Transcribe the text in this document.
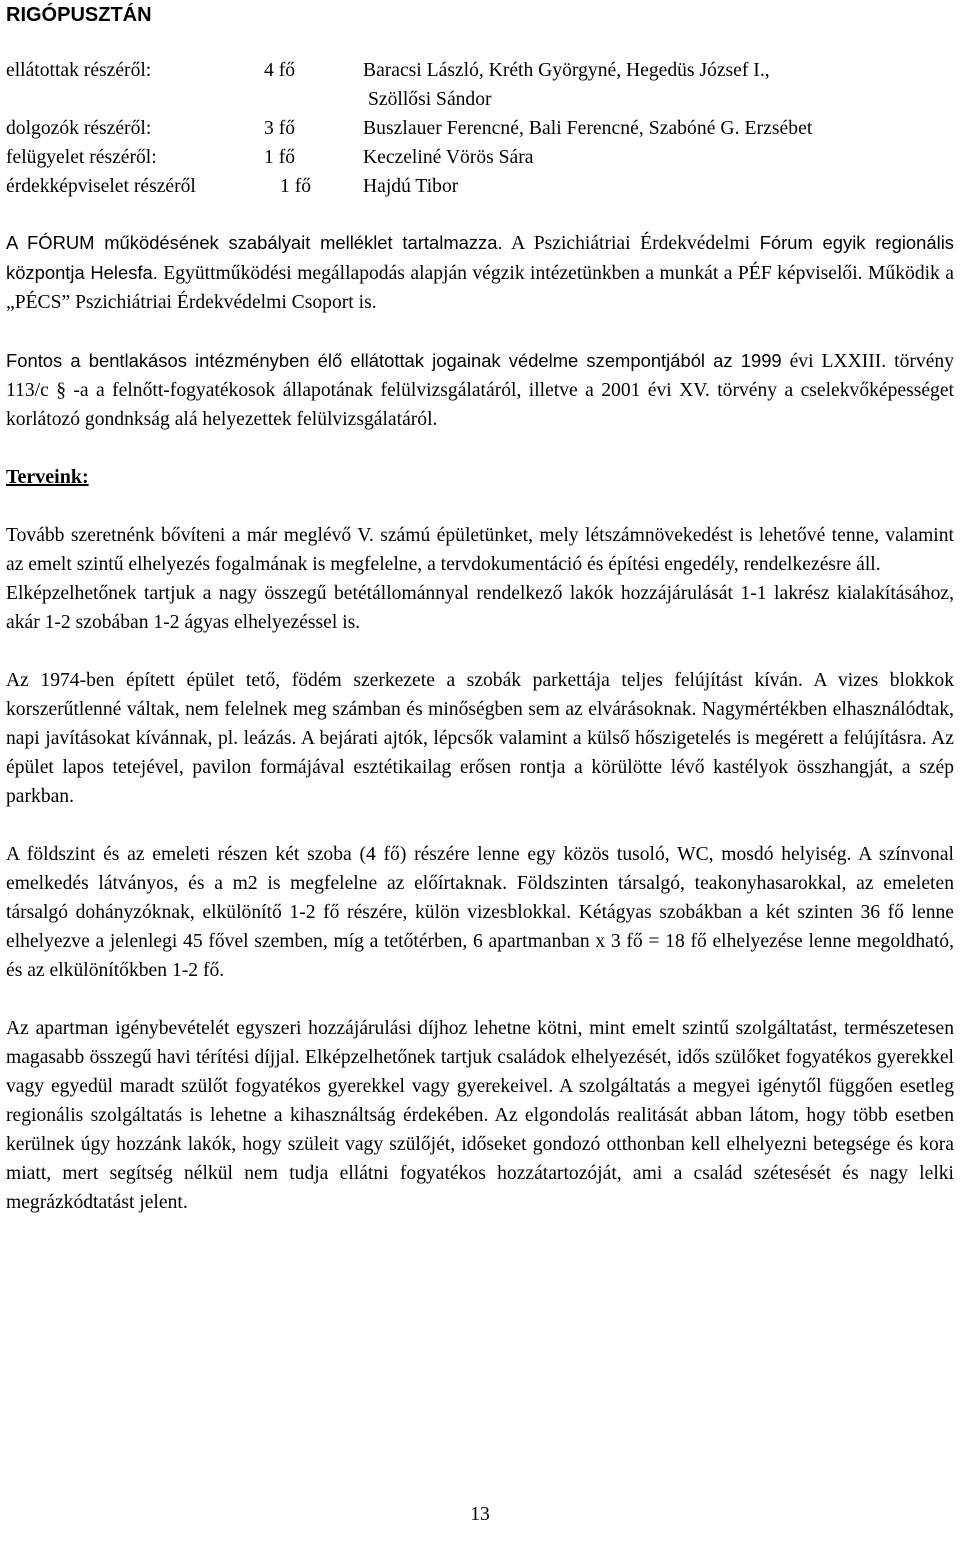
RIGÓPUSZTÁN
ellátottak részéről:	4 fő	Baracsi László, Kréth Györgyné, Hegedüs József I.,
Szöllősi Sándor
dolgozók részéről:	3 fő	Buszlauer Ferencné, Bali Ferencné, Szabóné G. Erzsébet
felügyelet részéről:	1 fő	Keczeliné Vörös Sára
érdekképviselet részéről	1 fő	Hajdú Tibor

A FÓRUM működésének szabályait melléklet tartalmazza. A Pszichiátriai Érdekvédelmi Fórum egyik regionális központja Helesfa. Együttműködési megállapodás alapján végzik intézetünkben a munkát a PÉF képviselői. Működik a „PÉCS” Pszichiátriai Érdekvédelmi Csoport is.

Fontos a bentlakásos intézményben élő ellátottak jogainak védelme szempontjából az 1999 évi LXXIII. törvény 113/c § -a a felnőtt-fogyatékosok állapotának felülvizsgálatáról, illetve a 2001 évi XV. törvény a cselekvőképességet korlátozó gondnkság alá helyezettek felülvizsgálatáról.

Terveink:

Tovább szeretnénk bővíteni a már meglévő V. számú épületünket, mely létszámnövekedést is lehetővé tenne, valamint az emelt szintű elhelyezés fogalmának is megfelelne, a tervdokumentáció és építési engedély, rendelkezésre áll.

Elképzelhetőnek tartjuk a nagy összegű betétállománnyal rendelkező lakók hozzájárulását 1-1 lakrész kialakításához, akár 1-2 szobában 1-2 ágyas elhelyezéssel is.

Az 1974-ben épített épület tető, födém szerkezete a szobák parkettája teljes felújítást kíván. A vizes blokkok korszerűtlenné váltak, nem felelnek meg számban és minőségben sem az elvárásoknak. Nagymértékben elhasználódtak, napi javításokat kívánnak, pl. leázás. A bejárati ajtók, lépcsők valamint a külső hőszigetelés is megérett a felújításra. Az épület lapos tetejével, pavilon formájával esztétikailag erősen rontja a körülötte lévő kastélyok összhangját, a szép parkban.

A földszint és az emeleti részen két szoba (4 fő) részére lenne egy közös tusoló, WC, mosdó helyiség. A színvonal emelkedés látványos, és a m2 is megfelelne az előírtaknak. Földszinten társalgó, teakonyhasarokkal, az emeleten társalgó dohányzóknak, elkülönítő 1-2 fő részére, külön vizesblokkal. Kétágyas szobákban a két szinten 36 fő lenne elhelyezve a jelenlegi 45 fővel szemben, míg a tetőtérben, 6 apartmanban x 3 fő = 18 fő elhelyezése lenne megoldható, és az elkülönítőkben 1-2 fő.

Az apartman igénybevételét egyszeri hozzájárulási díjhoz lehetne kötni, mint emelt szintű szolgáltatást, természetesen magasabb összegű havi térítési díjjal. Elképzelhetőnek tartjuk családok elhelyezését, idős szülőket fogyatékos gyerekkel vagy egyedül maradt szülőt fogyatékos gyerekkel vagy gyerekeivel. A szolgáltatás a megyei igénytől függően esetleg regionális szolgáltatás is lehetne a kihasználtság érdekében. Az elgondolás realitását abban látom, hogy több esetben kerülnek úgy hozzánk lakók, hogy szüleit vagy szülőjét, időseket gondozó otthonban kell elhelyezni betegsége és kora miatt, mert segítség nélkül nem tudja ellátni fogyatékos hozzátartozóját, ami a család szétesését és nagy lelki megrázkódtatást jelent.

13
